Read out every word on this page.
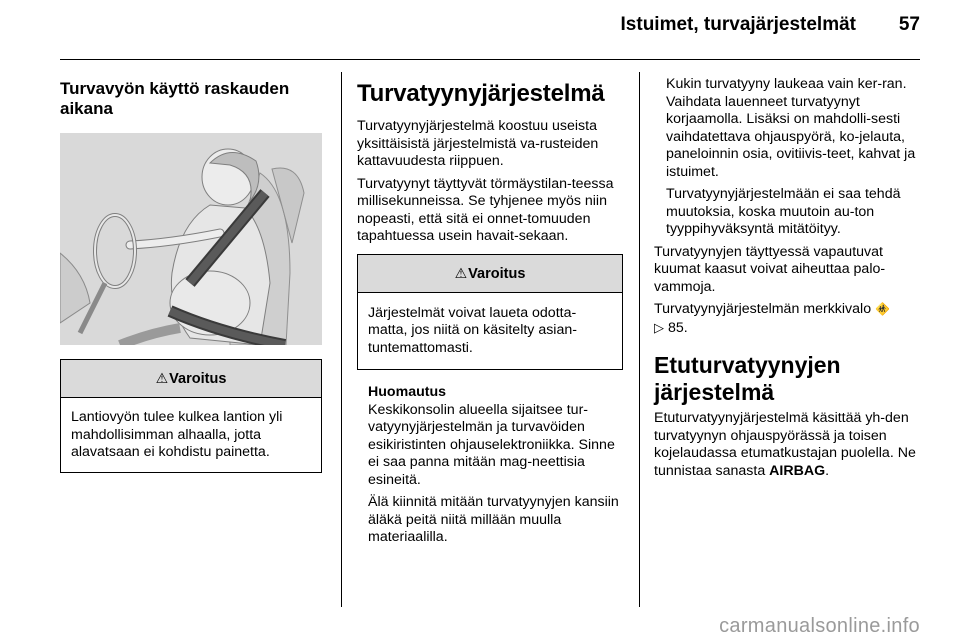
Istuimet, turvajärjestelmät 57
Turvavyön käyttö raskauden aikana
⚠Varoitus

Lantiovyön tulee kulkea lantion yli mahdollisimman alhaalla, jotta alavatsaan ei kohdistu painetta.

Turvatyynyjärjestelmä

Turvatyynyjärjestelmä koostuu useista yksittäisistä järjestelmistä va-rusteiden kattavuudesta riippuen.

Turvatyynyt täyttyvät törmäystilan-teessa millisekunneissa. Se tyhjenee myös niin nopeasti, että sitä ei onnet-tomuuden tapahtuessa usein havait-sekaan.

⚠Varoitus

Järjestelmät voivat laueta odotta-matta, jos niitä on käsitelty asian-tuntemattomasti.

Huomautus

Keskikonsolin alueella sijaitsee tur-vatyynyjärjestelmän ja turvavöiden esikiristinten ohjauselektroniikka. Sinne ei saa panna mitään mag-neettisia esineitä.

Älä kiinnitä mitään turvatyynyjen kansiin äläkä peitä niitä millään muulla materiaalilla.

Kukin turvatyyny laukeaa vain ker-ran. Vaihdata lauenneet turvatyynyt korjaamolla. Lisäksi on mahdolli-sesti vaihdatettava ohjauspyörä, ko-jelauta, paneloinnin osia, ovitiivis-teet, kahvat ja istuimet.

Turvatyynyjärjestelmään ei saa tehdä muutoksia, koska muutoin au-ton tyyppihyväksyntä mitätöityy.

Turvatyynyjen täyttyessä vapautuvat kuumat kaasut voivat aiheuttaa palo-vammoja.

Turvatyynyjärjestelmän merkkivalo 🚸
▷ 85.

Etuturvatyynyjen järjestelmä

Etuturvatyynyjärjestelmä käsittää yh-den turvatyynyn ohjauspyörässä ja toisen kojelaudassa etumatkustajan puolella. Ne tunnistaa sanasta AIRBAG.

carmanualsonline.info
